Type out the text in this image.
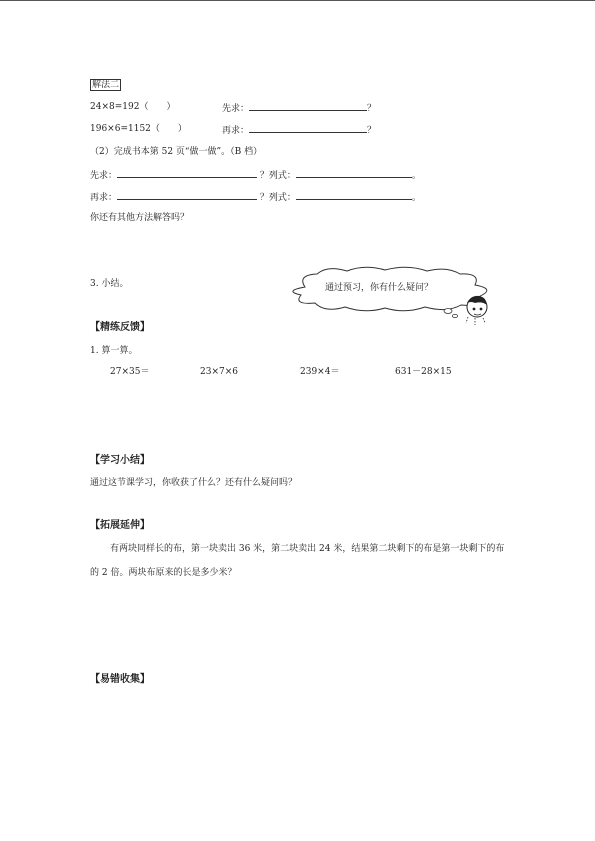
解法二
24×8=192（　　）	先求：	？
196×6=1152（　　）	再求：	？
（2）完成书本第 52 页“做一做”。（B 档）
先求：	？列式：	。
再求：	？列式：	。
你还有其他方法解答吗？
3. 小结。	通过预习，你有什么疑问？
【精练反馈】
1. 算一算。
27×35＝	23×7×6	239×4＝	631－28×15
【学习小结】
通过这节课学习，你收获了什么？还有什么疑问吗？
【拓展延伸】
有两块同样长的布，第一块卖出 36 米，第二块卖出 24 米，结果第二块剩下的布是第一块剩下的布的 2 倍。两块布原来的长是多少米？
【易错收集】
